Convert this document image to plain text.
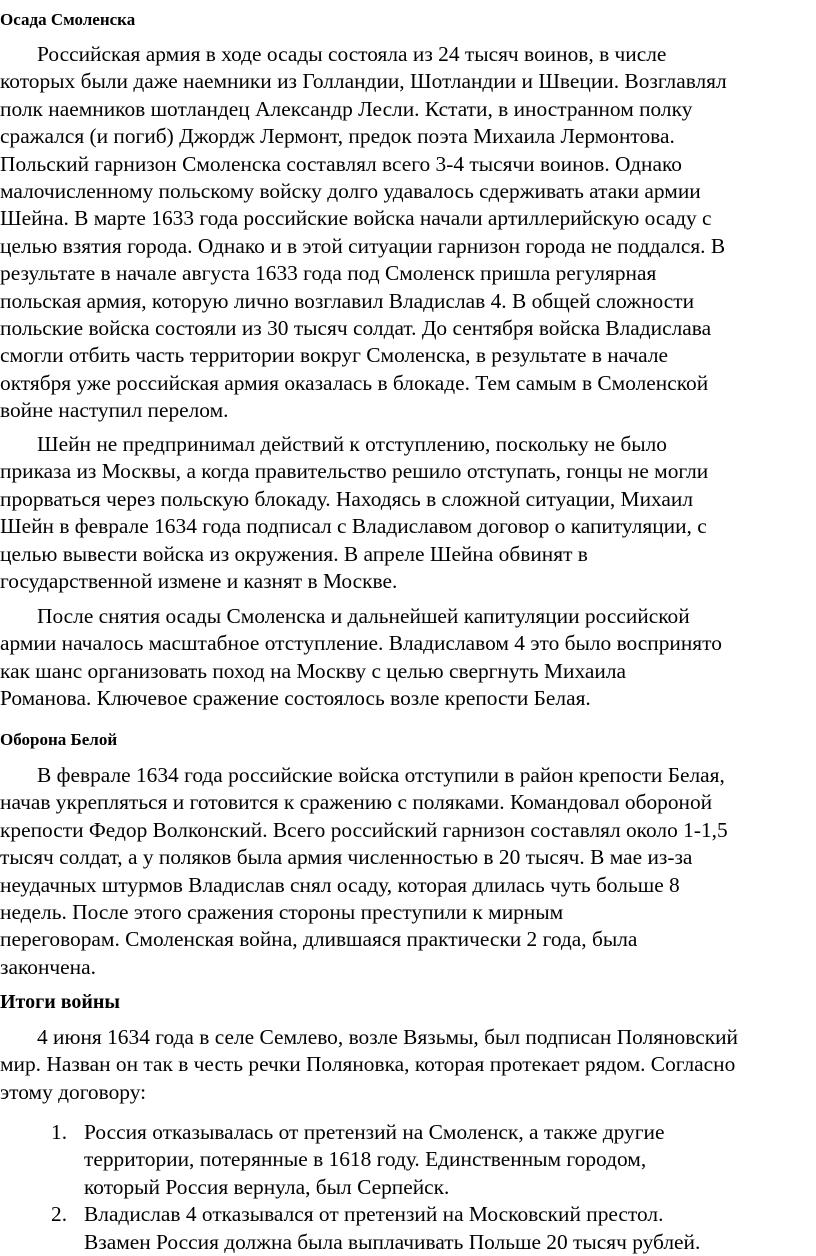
Осада Смоленска
Российская армия в ходе осады состояла из 24 тысяч воинов, в числе
которых были даже наемники из Голландии, Шотландии и Швеции. Возглавлял
полк наемников шотландец Александр Лесли. Кстати, в иностранном полку
сражался (и погиб) Джордж Лермонт, предок поэта Михаила Лермонтова.
Польский гарнизон Смоленска составлял всего 3-4 тысячи воинов. Однако
малочисленному польскому войску долго удавалось сдерживать атаки армии
Шейна. В марте 1633 года российские войска начали артиллерийскую осаду с
целью взятия города. Однако и в этой ситуации гарнизон города не поддался. В
результате в начале августа 1633 года под Смоленск пришла регулярная
польская армия, которую лично возглавил Владислав 4. В общей сложности
польские войска состояли из 30 тысяч солдат. До сентября войска Владислава
смогли отбить часть территории вокруг Смоленска, в результате в начале
октября уже российская армия оказалась в блокаде. Тем самым в Смоленской
войне наступил перелом.
Шейн не предпринимал действий к отступлению, поскольку не было
приказа из Москвы, а когда правительство решило отступать, гонцы не могли
прорваться через польскую блокаду. Находясь в сложной ситуации, Михаил
Шейн в феврале 1634 года подписал с Владиславом договор о капитуляции, с
целью вывести войска из окружения. В апреле Шейна обвинят в
государственной измене и казнят в Москве.
После снятия осады Смоленска и дальнейшей капитуляции российской
армии началось масштабное отступление. Владиславом 4 это было воспринято
как шанс организовать поход на Москву с целью свергнуть Михаила
Романова. Ключевое сражение состоялось возле крепости Белая.
Оборона Белой
В феврале 1634 года российские войска отступили в район крепости Белая,
начав укрепляться и готовится к сражению с поляками. Командовал обороной
крепости Федор Волконский. Всего российский гарнизон составлял около 1-1,5
тысяч солдат, а у поляков была армия численностью в 20 тысяч. В мае из-за
неудачных штурмов Владислав снял осаду, которая длилась чуть больше 8
недель. После этого сражения стороны преступили к мирным
переговорам. Смоленская война, длившаяся практически 2 года, была
закончена.
Итоги войны
4 июня 1634 года в селе Семлево, возле Вязьмы, был подписан Поляновский
мир. Назван он так в честь речки Поляновка, которая протекает рядом. Согласно
этому договору:
1. Россия отказывалась от претензий на Смоленск, а также другие
территории, потерянные в 1618 году. Единственным городом,
который Россия вернула, был Серпейск.
2. Владислав 4 отказывался от претензий на Московский престол.
Взамен Россия должна была выплачивать Польше 20 тысяч рублей.
